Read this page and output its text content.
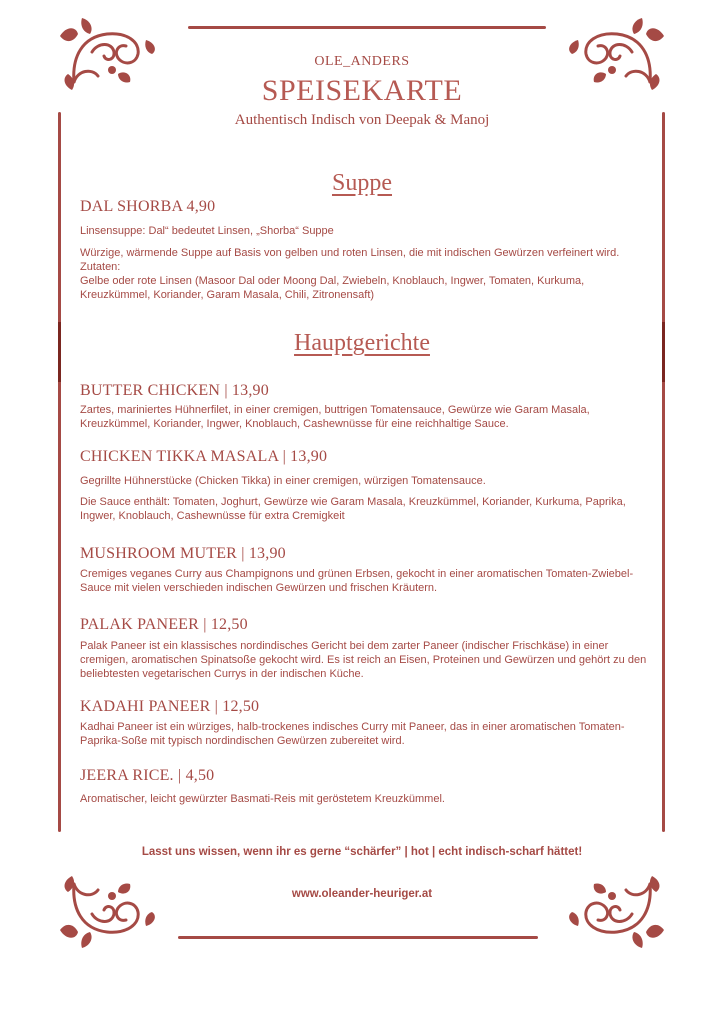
OLE_ANDERS
SPEISEKARTE
Authentisch Indisch von Deepak & Manoj
Suppe
DAL SHORBA 4,90
Linsensuppe: Dal“ bedeutet Linsen, „Shorba“ Suppe
Würzige, wärmende Suppe auf Basis von gelben und roten Linsen, die mit indischen Gewürzen verfeinert wird. Zutaten:
Gelbe oder rote Linsen (Masoor Dal oder Moong Dal, Zwiebeln, Knoblauch, Ingwer, Tomaten, Kurkuma, Kreuzkümmel, Koriander, Garam Masala, Chili, Zitronensaft)
Hauptgerichte
BUTTER CHICKEN | 13,90
Zartes, mariniertes Hühnerfilet, in einer cremigen, buttrigen Tomatensauce, Gewürze wie Garam Masala, Kreuzkümmel, Koriander, Ingwer, Knoblauch, Cashewnüsse für eine reichhaltige Sauce.
CHICKEN TIKKA MASALA | 13,90
Gegrillte Hühnerstücke (Chicken Tikka) in einer cremigen, würzigen Tomatensauce.
Die Sauce enthält: Tomaten, Joghurt, Gewürze wie Garam Masala, Kreuzkümmel, Koriander, Kurkuma, Paprika, Ingwer, Knoblauch, Cashewnüsse für extra Cremigkeit
MUSHROOM MUTER | 13,90
Cremiges veganes Curry aus Champignons und grünen Erbsen, gekocht in einer aromatischen Tomaten-Zwiebel-Sauce mit vielen verschieden indischen Gewürzen und frischen Kräutern.
PALAK PANEER | 12,50
Palak Paneer ist ein klassisches nordindisches Gericht bei dem zarter Paneer (indischer Frischkäse) in einer cremigen, aromatischen Spinatsoße gekocht wird. Es ist reich an Eisen, Proteinen und Gewürzen und gehört zu den beliebtesten vegetarischen Currys in der indischen Küche.
KADAHI PANEER | 12,50
Kadhai Paneer ist ein würziges, halb-trockenes indisches Curry mit Paneer, das in einer aromatischen Tomaten-Paprika-Soße mit typisch nordindischen Gewürzen zubereitet wird.
JEERA RICE. | 4,50
Aromatischer, leicht gewürzter Basmati-Reis mit geröstetem Kreuzkümmel.
Lasst uns wissen, wenn ihr es gerne “schärfer” | hot | echt indisch-scharf hättet!
www.oleander-heuriger.at
